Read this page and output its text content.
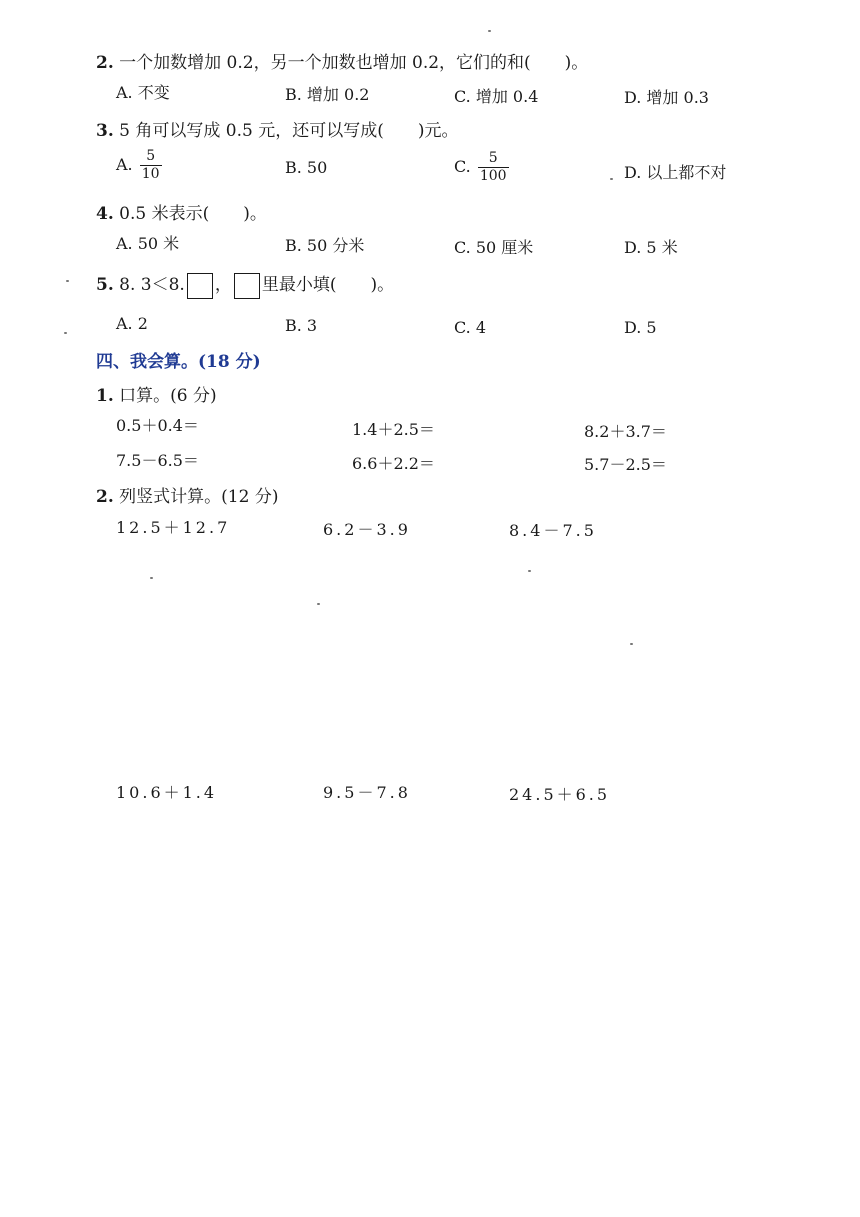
2. 一个加数增加 0.2，另一个加数也增加 0.2，它们的和(　　)。
A. 不变	B. 增加 0.2	C. 增加 0.4	D. 增加 0.3
3. 5 角可以写成 0.5 元，还可以写成(　　)元。
A. $\frac{5}{10}$	B. 50	C. $\frac{5}{100}$	D. 以上都不对
4. 0.5 米表示(　　)。
A. 50 米	B. 50 分米	C. 50 厘米	D. 5 米
5. 8. 3＜8. ， 里最小填(　　)。
A. 2	B. 3	C. 4	D. 5
四、我会算。(18 分)
1. 口算。(6 分)
0.5＋0.4＝	1.4＋2.5＝	8.2＋3.7＝
7.5－6.5＝	6.6＋2.2＝	5.7－2.5＝
2. 列竖式计算。(12 分)
12.5＋12.7	6.2－3.9	8.4－7.5
10.6＋1.4	9.5－7.8	24.5＋6.5
